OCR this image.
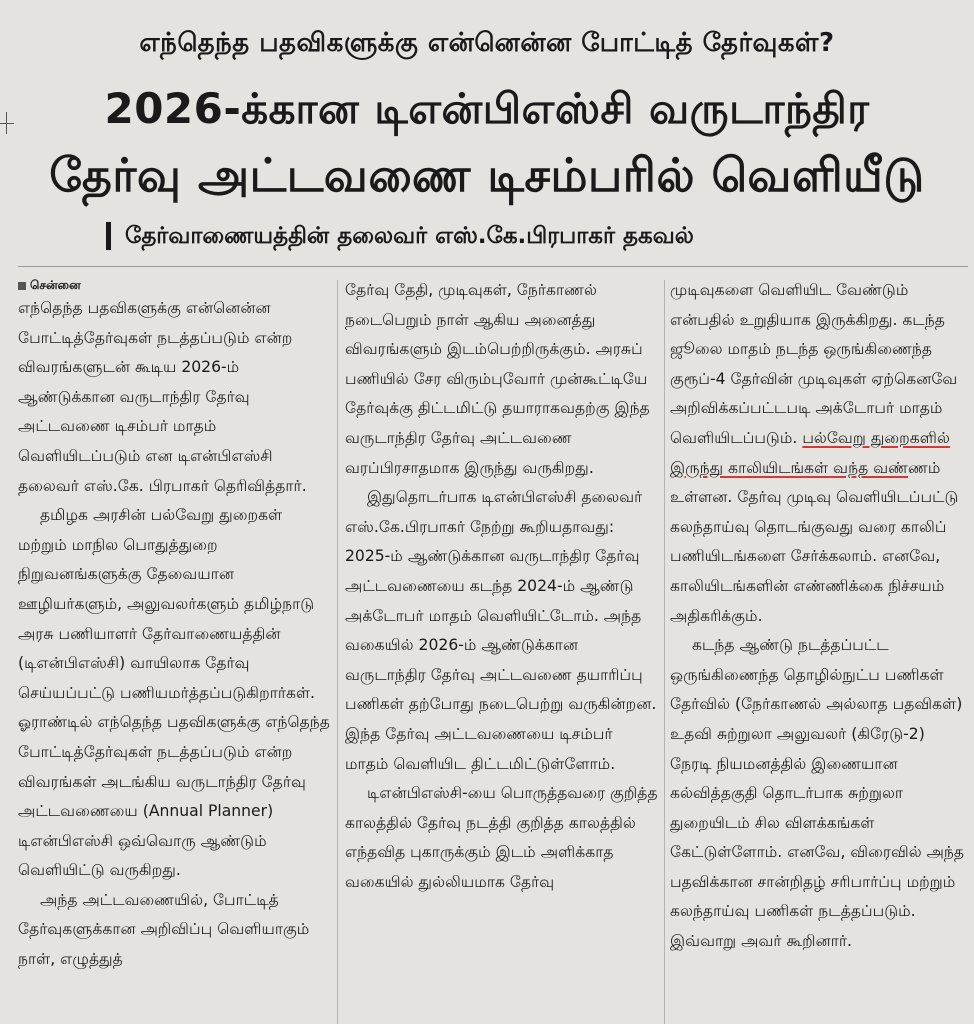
எந்தெந்த பதவிகளுக்கு என்னென்ன போட்டித் தேர்வுகள்?
2026-க்கான டிஎன்பிஎஸ்சி வருடாந்திர
தேர்வு அட்டவணை டிசம்பரில் வெளியீடு
தேர்வாணையத்தின் தலைவர் எஸ்.கே.பிரபாகர் தகவல்
சென்னை

எந்தெந்த பதவிகளுக்கு என்னென்ன போட்டித்தேர்வுகள் நடத்தப்படும் என்ற விவரங்களுடன் கூடிய 2026-ம் ஆண்டுக்கான வருடாந்திர தேர்வு அட்டவணை டிசம்பர் மாதம் வெளியிடப்படும் என டிஎன்பிஎஸ்சி தலைவர் எஸ்.கே. பிரபாகர் தெரிவித்தார்.

தமிழக அரசின் பல்வேறு துறைகள் மற்றும் மாநில பொதுத்துறை நிறுவனங்களுக்கு தேவையான ஊழியர்களும், அலுவலர்களும் தமிழ்நாடு அரசு பணியாளர் தேர்வாணையத்தின் (டிஎன்பிஎஸ்சி) வாயிலாக தேர்வு செய்யப்பட்டு பணியமர்த்தப்படுகிறார்கள். ஓராண்டில் எந்தெந்த பதவிகளுக்கு எந்தெந்த போட்டித்தேர்வுகள் நடத்தப்படும் என்ற விவரங்கள் அடங்கிய வருடாந்திர தேர்வு அட்டவணையை (Annual Planner) டிஎன்பிஎஸ்சி ஒவ்வொரு ஆண்டும் வெளியிட்டு வருகிறது.

அந்த அட்டவணையில், போட்டித் தேர்வுகளுக்கான அறிவிப்பு வெளியாகும் நாள், எழுத்துத்

தேர்வு தேதி, முடிவுகள், நேர்காணல் நடைபெறும் நாள் ஆகிய அனைத்து விவரங்களும் இடம்பெற்றிருக்கும். அரசுப் பணியில் சேர விரும்புவோர் முன்கூட்டியே தேர்வுக்கு திட்டமிட்டு தயாராகவதற்கு இந்த வருடாந்திர தேர்வு அட்டவணை வரப்பிரசாதமாக இருந்து வருகிறது.

இதுதொடர்பாக டிஎன்பிஎஸ்சி தலைவர் எஸ்.கே.பிரபாகர் நேற்று கூறியதாவது: 2025-ம் ஆண்டுக்கான வருடாந்திர தேர்வு அட்டவணையை கடந்த 2024-ம் ஆண்டு அக்டோபர் மாதம் வெளியிட்டோம். அந்த வகையில் 2026-ம் ஆண்டுக்கான வருடாந்திர தேர்வு அட்டவணை தயாரிப்பு பணிகள் தற்போது நடைபெற்று வருகின்றன. இந்த தேர்வு அட்டவணையை டிசம்பர் மாதம் வெளியிட திட்டமிட்டுள்ளோம்.

டிஎன்பிஎஸ்சி-யை பொருத்தவரை குறித்த காலத்தில் தேர்வு நடத்தி குறித்த காலத்தில் எந்தவித புகாருக்கும் இடம் அளிக்காத வகையில் துல்லியமாக தேர்வு

முடிவுகளை வெளியிட வேண்டும் என்பதில் உறுதியாக இருக்கிறது. கடந்த ஜூலை மாதம் நடந்த ஒருங்கிணைந்த குரூப்-4 தேர்வின் முடிவுகள் ஏற்கெனவே அறிவிக்கப்பட்டபடி அக்டோபர் மாதம் வெளியிடப்படும். பல்வேறு துறைகளில் இருந்து காலியிடங்கள் வந்த வண்ணம் உள்ளன. தேர்வு முடிவு வெளியிடப்பட்டு கலந்தாய்வு தொடங்குவது வரை காலிப் பணியிடங்களை சேர்க்கலாம். எனவே, காலியிடங்களின் எண்ணிக்கை நிச்சயம் அதிகரிக்கும்.

கடந்த ஆண்டு நடத்தப்பட்ட ஒருங்கிணைந்த தொழில்நுட்ப பணிகள் தேர்வில் (நேர்காணல் அல்லாத பதவிகள்) உதவி சுற்றுலா அலுவலர் (கிரேடு-2) நேரடி நியமனத்தில் இணையான கல்வித்தகுதி தொடர்பாக சுற்றுலா துறையிடம் சில விளக்கங்கள் கேட்டுள்ளோம். எனவே, விரைவில் அந்த பதவிக்கான சான்றிதழ் சரிபார்ப்பு மற்றும் கலந்தாய்வு பணிகள் நடத்தப்படும். இவ்வாறு அவர் கூறினார்.
